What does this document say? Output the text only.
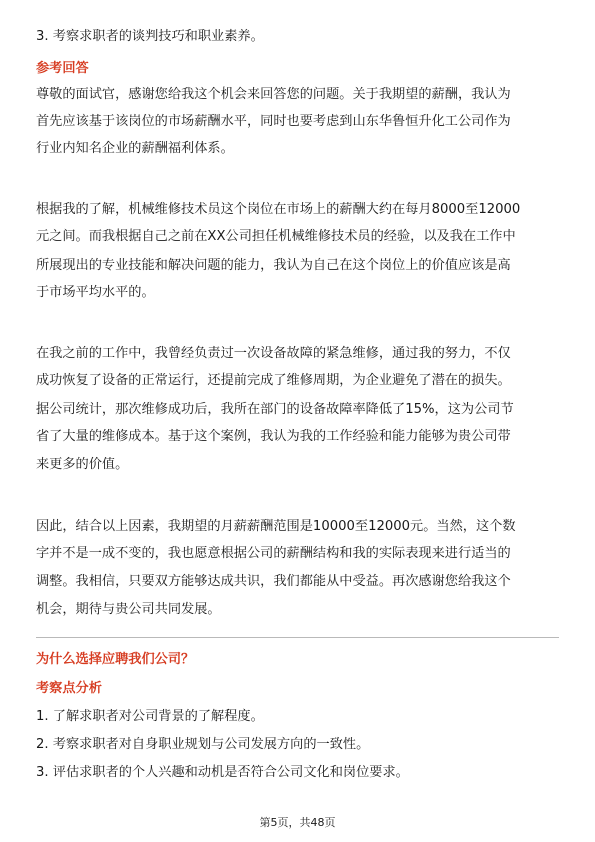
3. 考察求职者的谈判技巧和职业素养。

参考回答

尊敬的面试官，感谢您给我这个机会来回答您的问题。关于我期望的薪酬，我认为

首先应该基于该岗位的市场薪酬水平，同时也要考虑到山东华鲁恒升化工公司作为

行业内知名企业的薪酬福利体系。

根据我的了解，机械维修技术员这个岗位在市场上的薪酬大约在每月8000至12000

元之间。而我根据自己之前在XX公司担任机械维修技术员的经验，以及我在工作中

所展现出的专业技能和解决问题的能力，我认为自己在这个岗位上的价值应该是高

于市场平均水平的。

在我之前的工作中，我曾经负责过一次设备故障的紧急维修，通过我的努力，不仅

成功恢复了设备的正常运行，还提前完成了维修周期，为企业避免了潜在的损失。

据公司统计，那次维修成功后，我所在部门的设备故障率降低了15%，这为公司节

省了大量的维修成本。基于这个案例，我认为我的工作经验和能力能够为贵公司带

来更多的价值。

因此，结合以上因素，我期望的月薪薪酬范围是10000至12000元。当然，这个数

字并不是一成不变的，我也愿意根据公司的薪酬结构和我的实际表现来进行适当的

调整。我相信，只要双方能够达成共识，我们都能从中受益。再次感谢您给我这个

机会，期待与贵公司共同发展。

为什么选择应聘我们公司？

考察点分析

1. 了解求职者对公司背景的了解程度。

2. 考察求职者对自身职业规划与公司发展方向的一致性。

3. 评估求职者的个人兴趣和动机是否符合公司文化和岗位要求。

第5页，共48页
